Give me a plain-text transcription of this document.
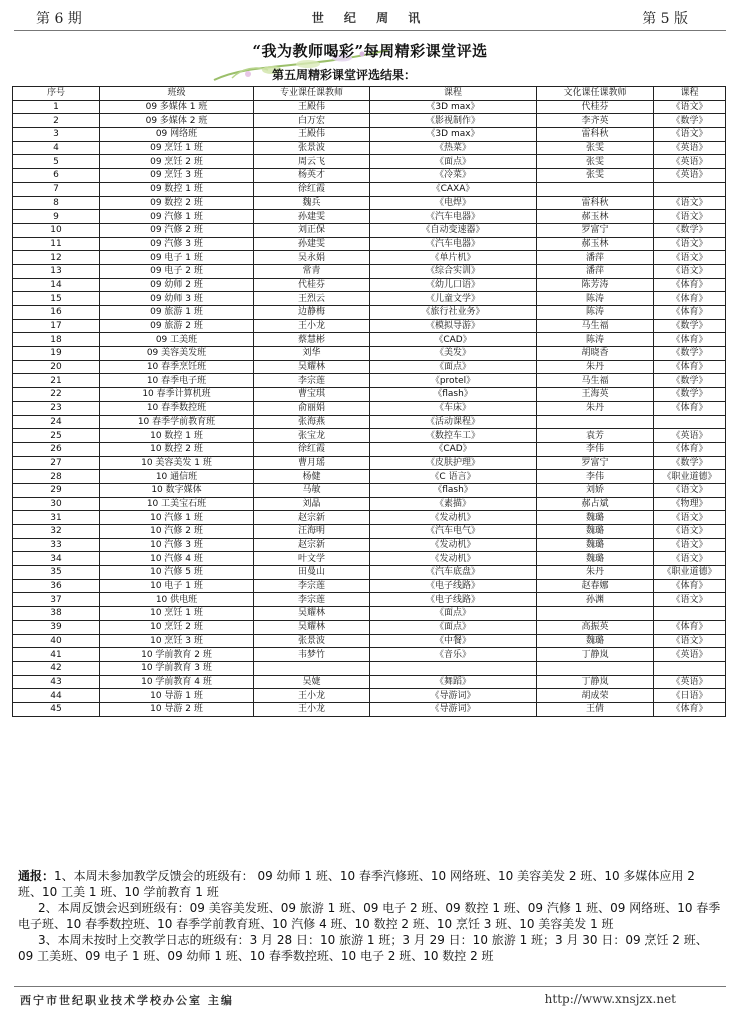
第 6 期	世 纪 周 讯	第 5 版
“我为教师喝彩”每周精彩课堂评选
第五周精彩课堂评选结果：
序号	班级	专业课任课教师	课程	文化课任课教师	课程
1	09 多媒体 1 班	王殿伟	《3D max》	代桂芬	《语文》
2	09 多媒体 2 班	白万宏	《影视制作》	李齐英	《数学》
3	09 网络班	王殿伟	《3D max》	雷科秋	《语文》
4	09 烹饪 1 班	张景波	《热菜》	张雯	《英语》
5	09 烹饪 2 班	周云飞	《面点》	张雯	《英语》
6	09 烹饪 3 班	杨英才	《冷菜》	张雯	《英语》
7	09 数控 1 班	徐红霞	《CAXA》		
8	09 数控 2 班	魏兵	《电焊》	雷科秋	《语文》
9	09 汽修 1 班	孙建雯	《汽车电器》	郝玉林	《语文》
10	09 汽修 2 班	刘正保	《自动变速器》	罗富宁	《数学》
11	09 汽修 3 班	孙建雯	《汽车电器》	郝玉林	《语文》
12	09 电子 1 班	吴永娟	《单片机》	潘萍	《语文》
13	09 电子 2 班	常青	《综合实训》	潘萍	《语文》
14	09 幼师 2 班	代桂芬	《幼儿口语》	陈芳涛	《体育》
15	09 幼师 3 班	王烈云	《儿童文学》	陈涛	《体育》
16	09 旅游 1 班	边静梅	《旅行社业务》	陈涛	《体育》
17	09 旅游 2 班	王小龙	《模拟导游》	马生福	《数学》
18	09 工美班	蔡慧彬	《CAD》	陈涛	《体育》
19	09 美容美发班	刘华	《美发》	胡晓香	《数学》
20	10 春季烹饪班	吴耀林	《面点》	朱丹	《体育》
21	10 春季电子班	李宗莲	《protel》	马生福	《数学》
22	10 春季计算机班	曹宝琪	《flash》	王海英	《数学》
23	10 春季数控班	俞丽娟	《车床》	朱丹	《体育》
24	10 春季学前教育班	张海燕	《活动课程》		
25	10 数控 1 班	张宝龙	《数控车工》	袁芳	《英语》
26	10 数控 2 班	徐红霞	《CAD》	李伟	《体育》
27	10 美容美发 1 班	曹月瑶	《皮肤护理》	罗富宁	《数学》
28	10 通信班	杨健	《C 语言》	李伟	《职业道德》
29	10 数字媒体	马敏	《flash》	刘娇	《语文》
30	10 工美宝石班	刘晶	《素描》	郝占斌	《物理》
31	10 汽修 1 班	赵宗新	《发动机》	魏璐	《语文》
32	10 汽修 2 班	汪海明	《汽车电气》	魏璐	《语文》
33	10 汽修 3 班	赵宗新	《发动机》	魏璐	《语文》
34	10 汽修 4 班	叶文学	《发动机》	魏璐	《语文》
35	10 汽修 5 班	田曼山	《汽车底盘》	朱丹	《职业道德》
36	10 电子 1 班	李宗莲	《电子线路》	赵春娜	《体育》
37	10 供电班	李宗莲	《电子线路》	孙渊	《语文》
38	10 烹饪 1 班	吴耀林	《面点》		
39	10 烹饪 2 班	吴耀林	《面点》	高振英	《体育》
40	10 烹饪 3 班	张景波	《中餐》	魏璐	《语文》
41	10 学前教育 2 班	韦梦竹	《音乐》	丁静岚	《英语》
42	10 学前教育 3 班				
43	10 学前教育 4 班	吴婕	《舞蹈》	丁静岚	《英语》
44	10 导游 1 班	王小龙	《导游词》	胡成荣	《日语》
45	10 导游 2 班	王小龙	《导游词》	王倩	《体育》

通报：1、本周未参加教学反馈会的班级有： 09 幼师 1 班、10 春季汽修班、10 网络班、10 美容美发 2 班、10 多媒体应用 2 班、10 工美 1 班、10 学前教育 1 班

2、本周反馈会迟到班级有：09 美容美发班、09 旅游 1 班、09 电子 2 班、09 数控 1 班、09 汽修 1 班、09 网络班、10 春季电子班、10 春季数控班、10 春季学前教育班、10 汽修 4 班、10 数控 2 班、10 烹饪 3 班、10 美容美发 1 班

3、本周未按时上交教学日志的班级有：3 月 28 日：10 旅游 1 班；3 月 29 日：10 旅游 1 班；3 月 30 日：09 烹饪 2 班、09 工美班、09 电子 1 班、09 幼师 1 班、10 春季数控班、10 电子 2 班、10 数控 2 班

西宁市世纪职业技术学校办公室 主编	http://www.xnsjzx.net
